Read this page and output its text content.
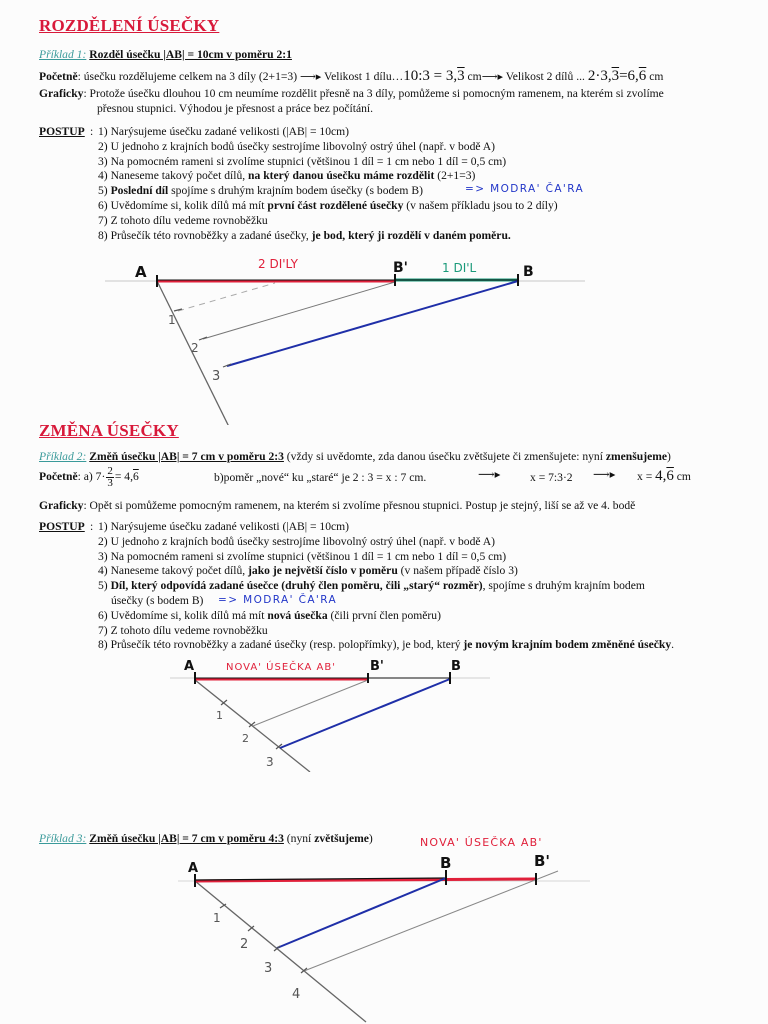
ROZDĚLENÍ ÚSEČKY
Příklad 1: Rozděl úsečku |AB| = 10cm v poměru 2:1
Početně: úsečku rozdělujeme celkem na 3 díly (2+1=3) ⟶▸ Velikost 1 dílu…10:3 = 3,3 cm⟶▸ Velikost 2 dílů ... 2·3,3=6,6 cm
Graficky: Protože úsečku dlouhou 10 cm neumíme rozdělit přesně na 3 díly, pomůžeme si pomocným ramenem, na kterém si zvolíme
přesnou stupnici. Výhodou je přesnost a práce bez počítání.
POSTUP : 1) Narýsujeme úsečku zadané velikosti (|AB| = 10cm)
2) U jednoho z krajních bodů úsečky sestrojíme libovolný ostrý úhel (např. v bodě A)
3) Na pomocném rameni si zvolíme stupnici (většinou 1 díl = 1 cm nebo 1 díl = 0,5 cm)
4) Naneseme takový počet dílů, na který danou úsečku máme rozdělit (2+1=3)
5) Poslední díl spojíme s druhým krajním bodem úsečky (s bodem B)
6) Uvědomíme si, kolik dílů má mít první část rozdělené úsečky (v našem příkladu jsou to 2 díly)
7) Z tohoto dílu vedeme rovnoběžku
8) Průsečík této rovnoběžky a zadané úsečky, je bod, který ji rozdělí v daném poměru.
=> MODRA' ČA'RA
A	B'	B
2 DI'LY	1 DI'L
1
2
3
ZMĚNA ÚSEČKY
Příklad 2: Změň úsečku |AB| = 7 cm v poměru 2:3 (vždy si uvědomte, zda danou úsečku zvětšujete či zmenšujete: nyní zmenšujeme)
Početně: a) $7\cdot \frac{2}{3} = 4,6$	b)poměr „nové“ ku „staré“ je 2 : 3 = x : 7 cm.	⟶▸	x = 7:3·2 ⟶▸ x = 4,6 cm
Graficky: Opět si pomůžeme pomocným ramenem, na kterém si zvolíme přesnou stupnici. Postup je stejný, liší se až ve 4. bodě
POSTUP : 1) Narýsujeme úsečku zadané velikosti (|AB| = 10cm)
2) U jednoho z krajních bodů úsečky sestrojíme libovolný ostrý úhel (např. v bodě A)
3) Na pomocném rameni si zvolíme stupnici (většinou 1 díl = 1 cm nebo 1 díl = 0,5 cm)
4) Naneseme takový počet dílů, jako je největší číslo v poměru (v našem případě číslo 3)
5) Díl, který odpovídá zadané úsečce (druhý člen poměru, čili „starý“ rozměr), spojíme s druhým krajním bodem
úsečky (s bodem B)
6) Uvědomíme si, kolik dílů má mít nová úsečka (čili první člen poměru)
7) Z tohoto dílu vedeme rovnoběžku
8) Průsečík této rovnoběžky a zadané úsečky (resp. polopřímky), je bod, který je novým krajním bodem změněné úsečky.
=> MODRA' ČA'RA
A	B'	B
NOVA' ÚSEČKA AB'
1
2
3
Příklad 3: Změň úsečku |AB| = 7 cm v poměru 4:3 (nyní zvětšujeme)
A	B	B'
NOVA' ÚSEČKA AB'
1
2
3
4
